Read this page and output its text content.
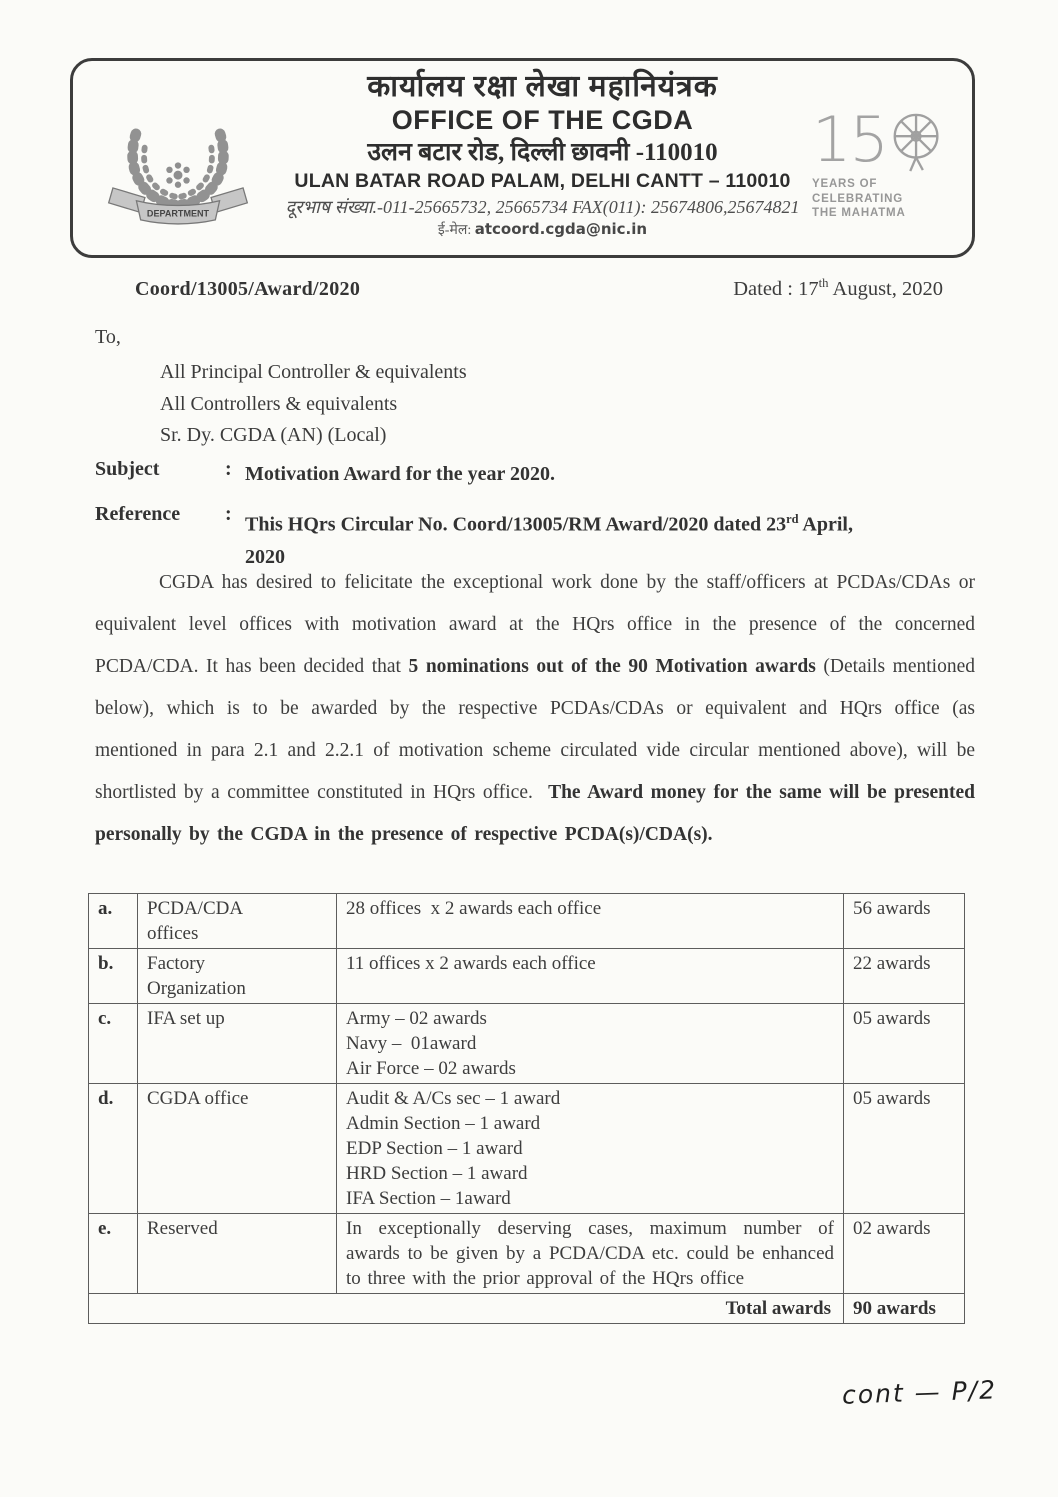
DEPARTMENT
कार्यालय रक्षा लेखा महानियंत्रक
OFFICE OF THE CGDA
उलन बटार रोड, दिल्ली छावनी -110010
ULAN BATAR ROAD PALAM, DELHI CANTT – 110010
दूरभाष संख्या.-011-25665732, 25665734 FAX(011): 25674806,25674821
ई-मेल: atcoord.cgda@nic.in
15
YEARS OF
CELEBRATING
THE MAHATMA
Coord/13005/Award/2020	Dated : 17th August, 2020
To,
All Principal Controller & equivalents
All Controllers & equivalents
Sr. Dy. CGDA (AN) (Local)
Subject	: Motivation Award for the year 2020.
Reference	: This HQrs Circular No. Coord/13005/RM Award/2020 dated 23rd April,
2020

CGDA has desired to felicitate the exceptional work done by the staff/officers at PCDAs/CDAs or equivalent level offices with motivation award at the HQrs office in the presence of the concerned PCDA/CDA. It has been decided that 5 nominations out of the 90 Motivation awards (Details mentioned below), which is to be awarded by the respective PCDAs/CDAs or equivalent and HQrs office (as mentioned in para 2.1 and 2.2.1 of motivation scheme circulated vide circular mentioned above), will be shortlisted by a committee constituted in HQrs office.  The Award money for the same will be presented personally by the CGDA in the presence of respective PCDA(s)/CDA(s).

a.	PCDA/CDA
offices	28 offices  x 2 awards each office	56 awards
b.	Factory
Organization	11 offices x 2 awards each office	22 awards
c.	IFA set up	Army – 02 awards
Navy –  01award
Air Force – 02 awards	05 awards
d.	CGDA office	Audit & A/Cs sec – 1 award
Admin Section – 1 award
EDP Section – 1 award
HRD Section – 1 award
IFA Section – 1award	05 awards
e.	Reserved	In exceptionally deserving cases, maximum number of awards to be given by a PCDA/CDA etc. could be enhanced to three with the prior approval of the HQrs office	02 awards
Total awards			90 awards
cont — P/2
